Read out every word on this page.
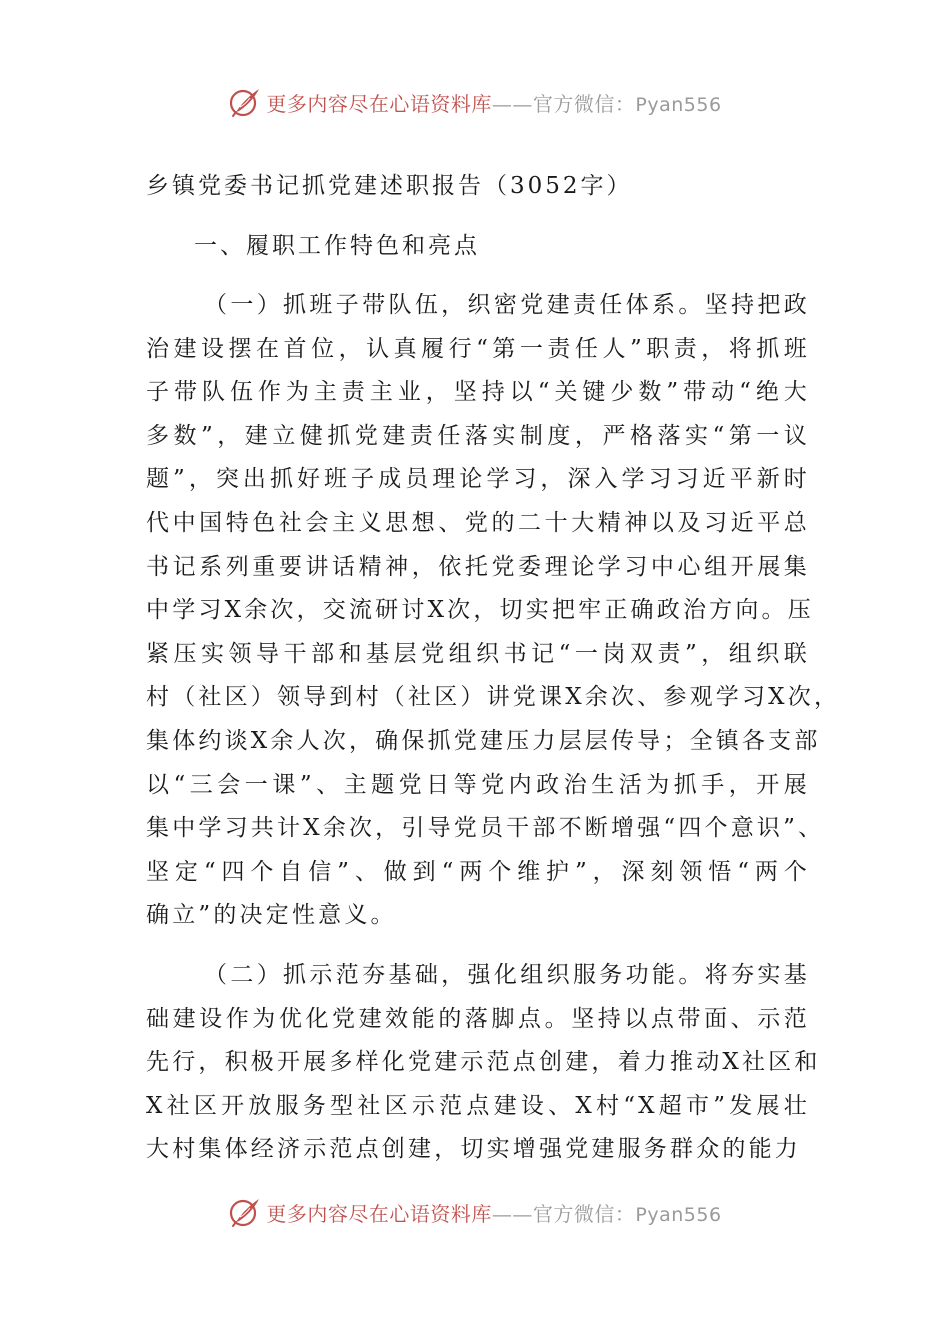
更多内容尽在心语资料库——官方微信：Pyan556
乡镇党委书记抓党建述职报告（3052字）
一、履职工作特色和亮点
（一）抓班子带队伍，织密党建责任体系。坚持把政
治建设摆在首位，认真履行“第一责任人”职责，将抓班
子带队伍作为主责主业，坚持以“关键少数”带动“绝大
多数”，建立健抓党建责任落实制度，严格落实“第一议
题”，突出抓好班子成员理论学习，深入学习习近平新时
代中国特色社会主义思想、党的二十大精神以及习近平总
书记系列重要讲话精神，依托党委理论学习中心组开展集
中学习X余次，交流研讨X次，切实把牢正确政治方向。压
紧压实领导干部和基层党组织书记“一岗双责”，组织联
村（社区）领导到村（社区）讲党课X余次、参观学习X次，
集体约谈X余人次，确保抓党建压力层层传导；全镇各支部
以“三会一课”、主题党日等党内政治生活为抓手，开展
集中学习共计X余次，引导党员干部不断增强“四个意识”、
坚定“四个自信”、做到“两个维护”，深刻领悟“两个
确立”的决定性意义。
（二）抓示范夯基础，强化组织服务功能。将夯实基
础建设作为优化党建效能的落脚点。坚持以点带面、示范
先行，积极开展多样化党建示范点创建，着力推动X社区和
X社区开放服务型社区示范点建设、X村“X超市”发展壮
大村集体经济示范点创建，切实增强党建服务群众的能力
更多内容尽在心语资料库——官方微信：Pyan556
